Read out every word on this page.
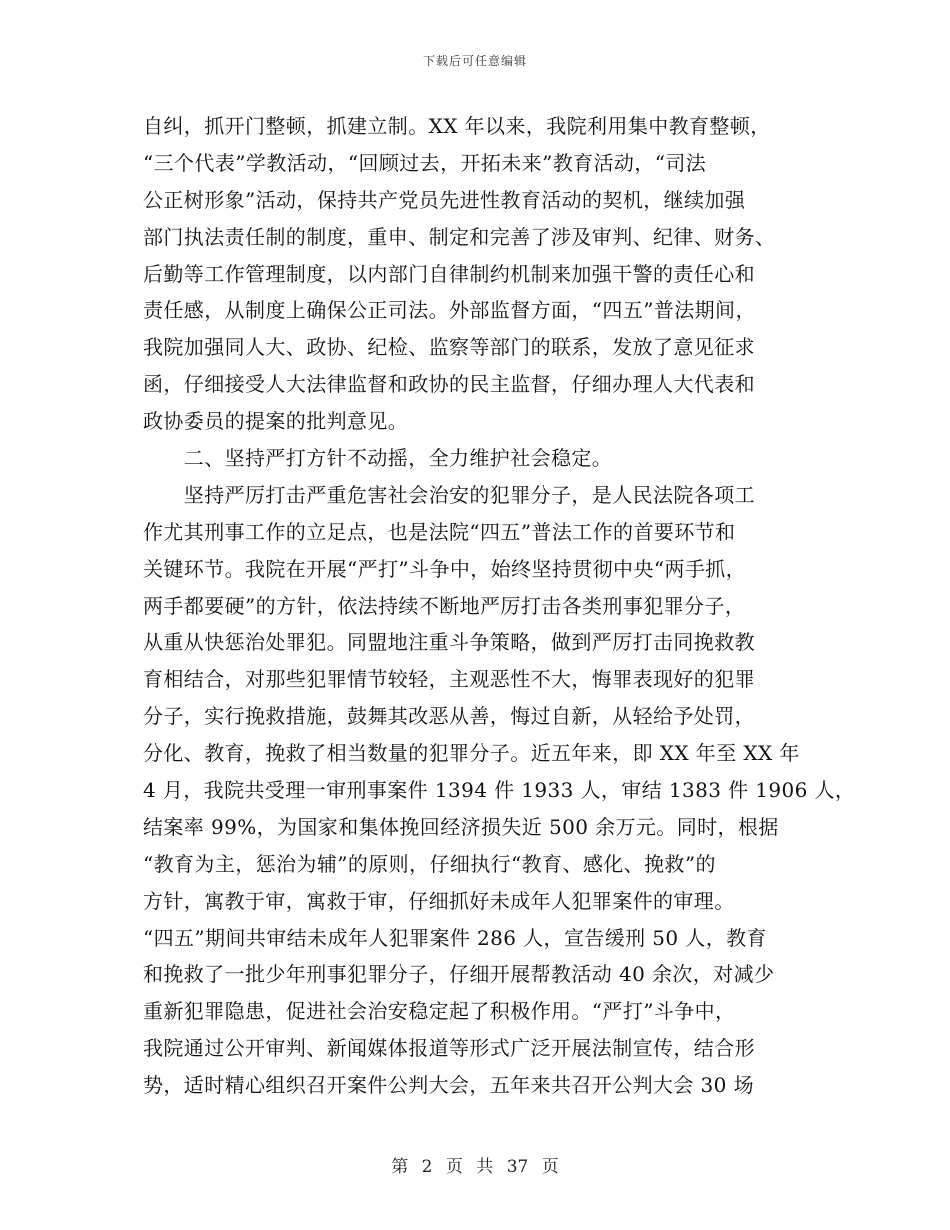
下载后可任意编辑
自纠，抓开门整顿，抓建立制。XX 年以来，我院利用集中教育整顿，
“三个代表”学教活动，“回顾过去，开拓未来”教育活动，“司法
公正树形象”活动，保持共产党员先进性教育活动的契机，继续加强
部门执法责任制的制度，重申、制定和完善了涉及审判、纪律、财务、
后勤等工作管理制度，以内部门自律制约机制来加强干警的责任心和
责任感，从制度上确保公正司法。外部监督方面，“四五”普法期间，
我院加强同人大、政协、纪检、监察等部门的联系，发放了意见征求
函，仔细接受人大法律监督和政协的民主监督，仔细办理人大代表和
政协委员的提案的批判意见。
　　二、坚持严打方针不动摇，全力维护社会稳定。
　　坚持严厉打击严重危害社会治安的犯罪分子，是人民法院各项工
作尤其刑事工作的立足点，也是法院“四五”普法工作的首要环节和
关键环节。我院在开展“严打”斗争中，始终坚持贯彻中央“两手抓，
两手都要硬”的方针，依法持续不断地严厉打击各类刑事犯罪分子，
从重从快惩治处罪犯。同盟地注重斗争策略，做到严厉打击同挽救教
育相结合，对那些犯罪情节较轻，主观恶性不大，悔罪表现好的犯罪
分子，实行挽救措施，鼓舞其改恶从善，悔过自新，从轻给予处罚，
分化、教育，挽救了相当数量的犯罪分子。近五年来，即 XX 年至 XX 年
4 月，我院共受理一审刑事案件 1394 件 1933 人，审结 1383 件 1906 人，
结案率 99%，为国家和集体挽回经济损失近 500 余万元。同时，根据
“教育为主，惩治为辅”的原则，仔细执行“教育、感化、挽救”的
方针，寓教于审，寓救于审，仔细抓好未成年人犯罪案件的审理。
“四五”期间共审结未成年人犯罪案件 286 人，宣告缓刑 50 人，教育
和挽救了一批少年刑事犯罪分子，仔细开展帮教活动 40 余次，对减少
重新犯罪隐患，促进社会治安稳定起了积极作用。“严打”斗争中，
我院通过公开审判、新闻媒体报道等形式广泛开展法制宣传，结合形
势，适时精心组织召开案件公判大会，五年来共召开公判大会 30 场
第 2 页 共 37 页
